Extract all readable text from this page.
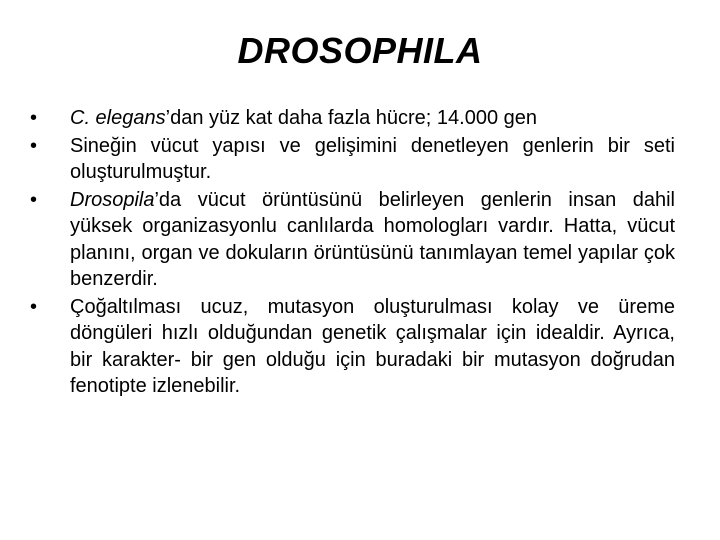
DROSOPHILA
•	C. elegans’dan yüz kat daha fazla hücre; 14.000 gen
•	Sineğin vücut yapısı ve gelişimini denetleyen genlerin bir seti oluşturulmuştur.
•	Drosopila’da vücut örüntüsünü belirleyen genlerin insan dahil yüksek organizasyonlu canlılarda homologları vardır. Hatta, vücut planını, organ ve dokuların örüntüsünü tanımlayan temel yapılar çok benzerdir.
•	Çoğaltılması ucuz, mutasyon oluşturulması kolay ve üreme döngüleri hızlı olduğundan genetik çalışmalar için idealdir. Ayrıca, bir karakter- bir gen olduğu için buradaki bir mutasyon doğrudan fenotipte izlenebilir.
